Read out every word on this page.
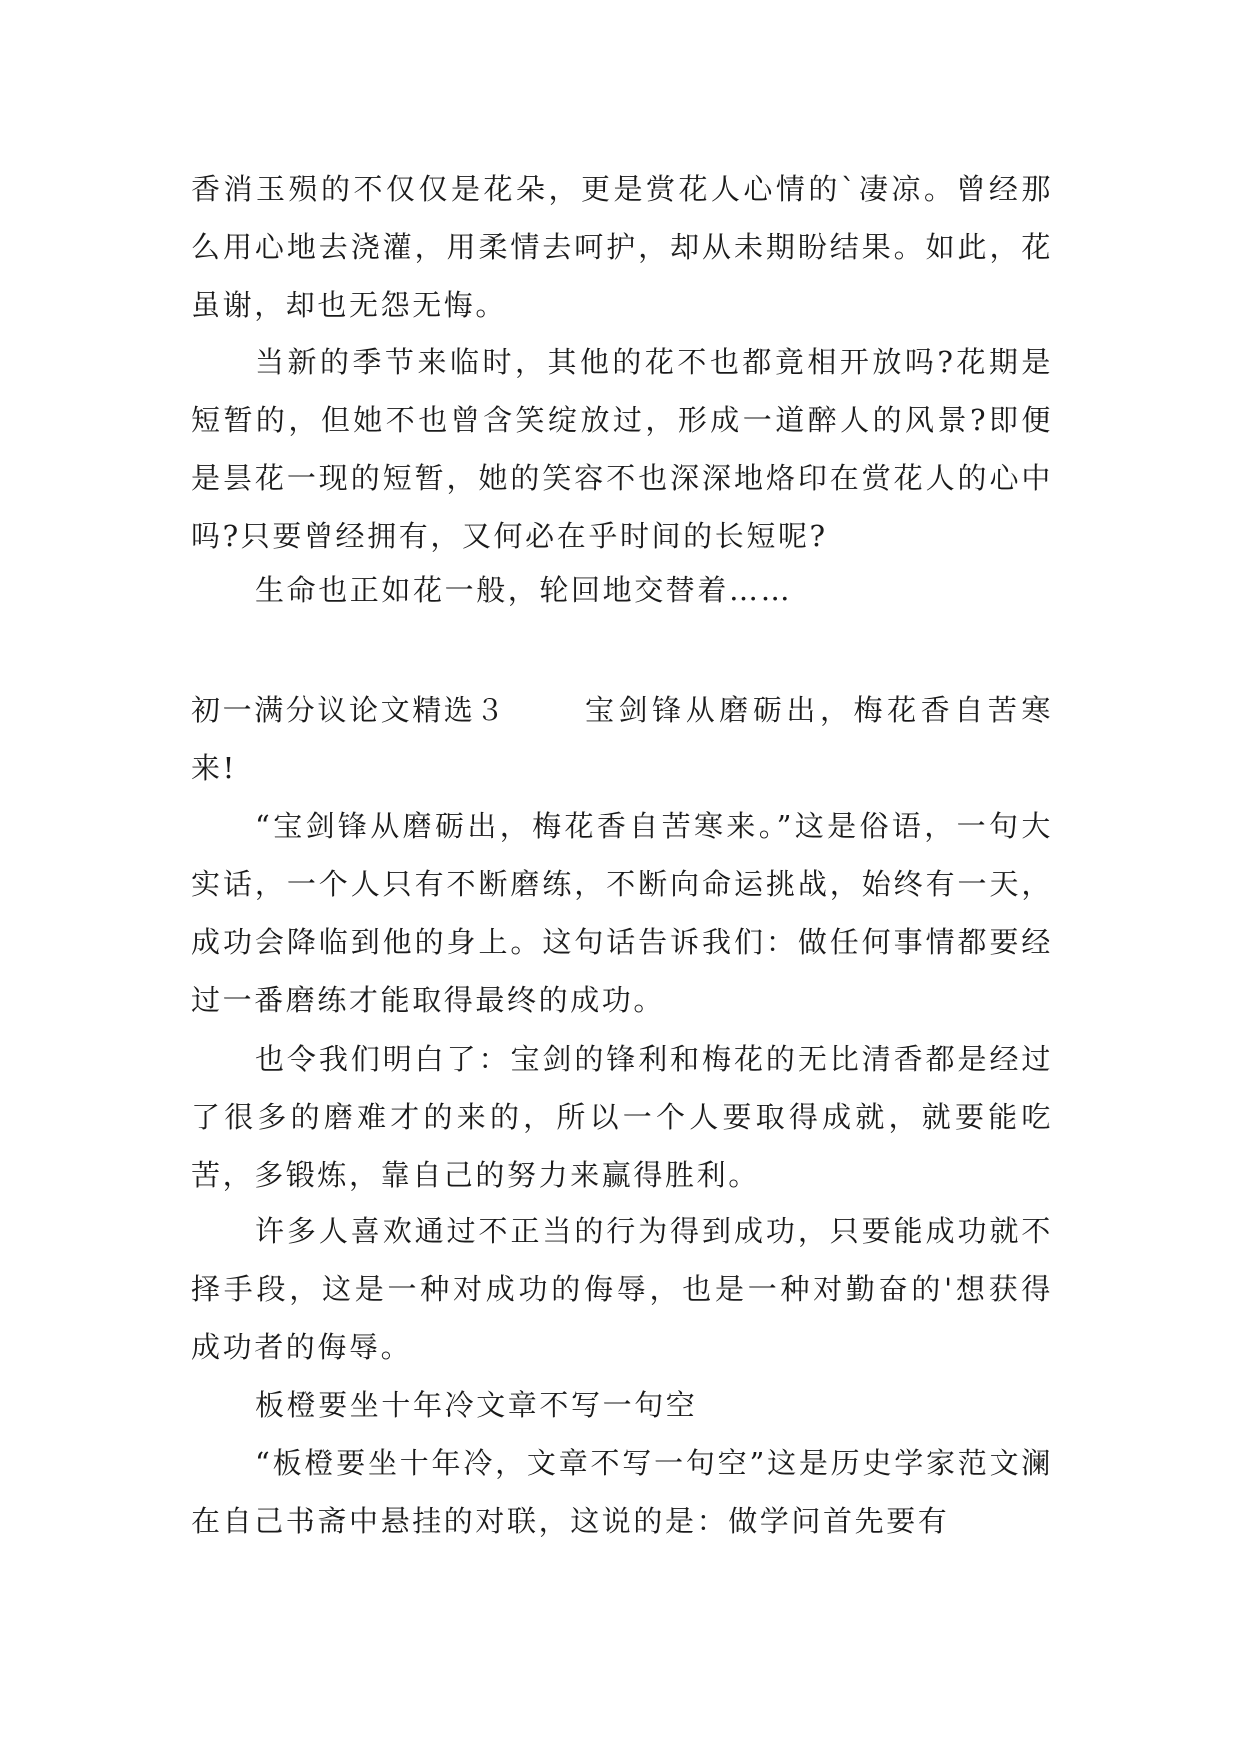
香消玉殒的不仅仅是花朵，更是赏花人心情的`凄凉。曾经那么用心地去浇灌，用柔情去呵护，却从未期盼结果。如此，花虽谢，却也无怨无悔。

当新的季节来临时，其他的花不也都竟相开放吗?花期是短暂的，但她不也曾含笑绽放过，形成一道醉人的风景?即便是昙花一现的短暂，她的笑容不也深深地烙印在赏花人的心中吗?只要曾经拥有，又何必在乎时间的长短呢?

生命也正如花一般，轮回地交替着……

初一满分议论文精选３	宝剑锋从磨砺出，梅花香自苦寒来!

“宝剑锋从磨砺出，梅花香自苦寒来。”这是俗语，一句大实话，一个人只有不断磨练，不断向命运挑战，始终有一天，成功会降临到他的身上。这句话告诉我们：做任何事情都要经过一番磨练才能取得最终的成功。

也令我们明白了：宝剑的锋利和梅花的无比清香都是经过了很多的磨难才的来的，所以一个人要取得成就，就要能吃苦，多锻炼，靠自己的努力来赢得胜利。

许多人喜欢通过不正当的行为得到成功，只要能成功就不择手段，这是一种对成功的侮辱，也是一种对勤奋的'想获得成功者的侮辱。

板橙要坐十年冷文章不写一句空

“板橙要坐十年冷，文章不写一句空”这是历史学家范文澜在自己书斋中悬挂的对联，这说的是：做学问首先要有
